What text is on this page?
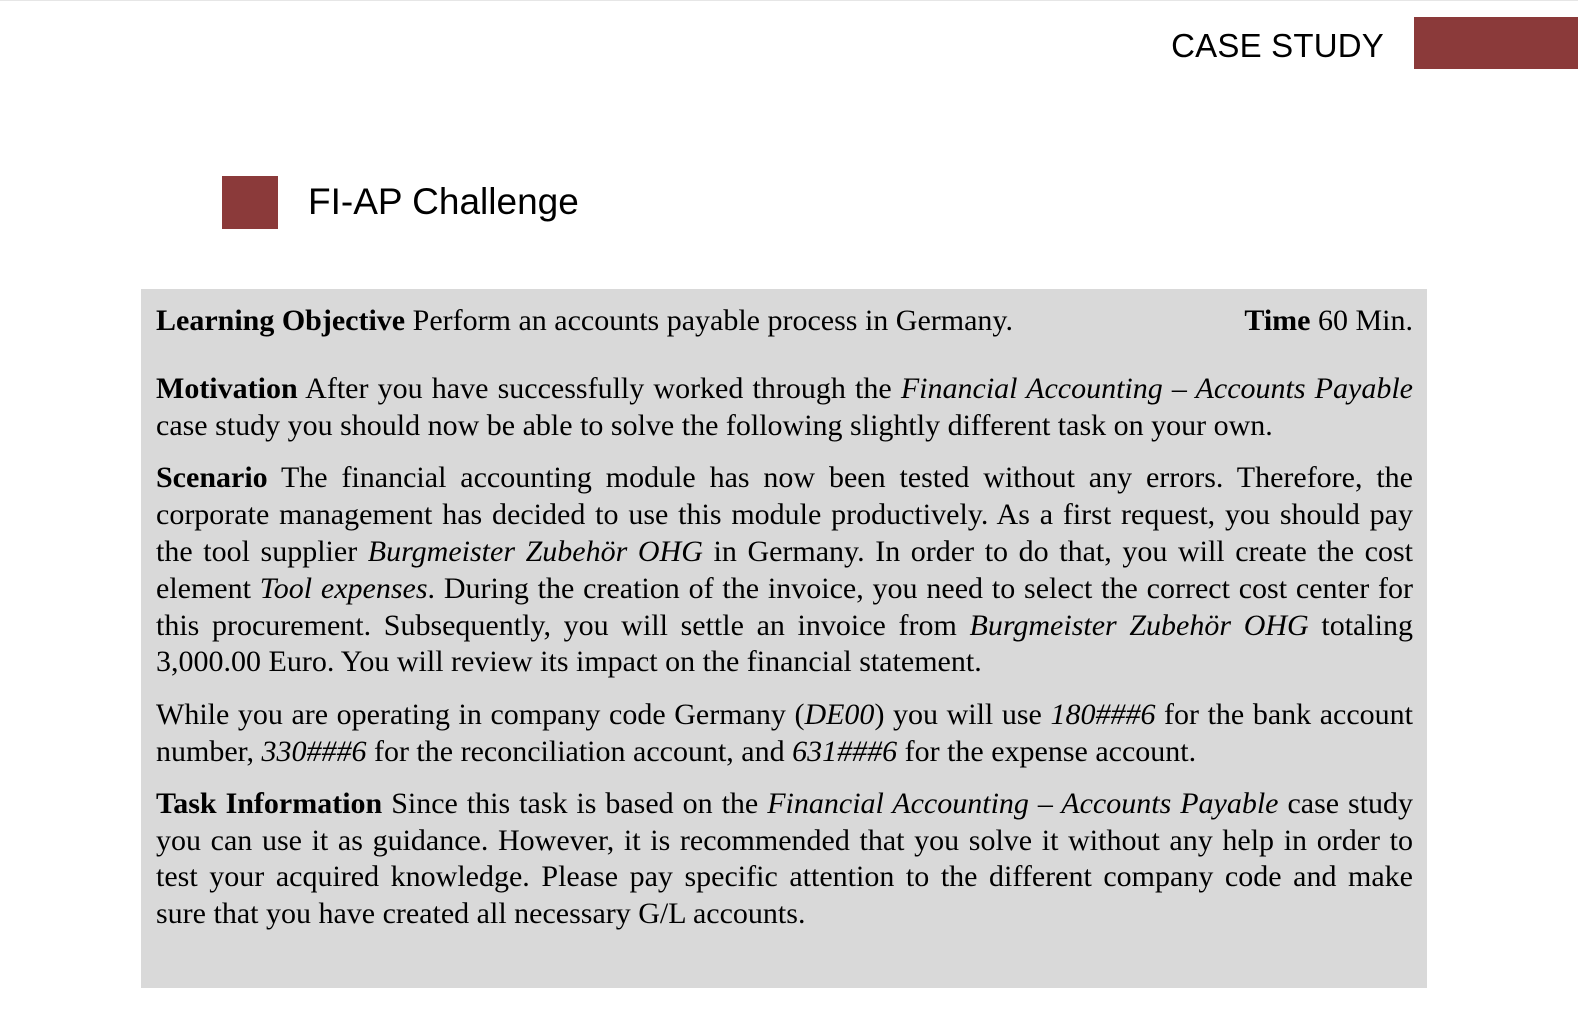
CASE STUDY
FI-AP Challenge
Learning Objective Perform an accounts payable process in Germany.	Time 60 Min.

Motivation After you have successfully worked through the Financial Accounting – Accounts Payable case study you should now be able to solve the following slightly different task on your own.

Scenario The financial accounting module has now been tested without any errors. Therefore, the corporate management has decided to use this module productively. As a first request, you should pay the tool supplier Burgmeister Zubehör OHG in Germany. In order to do that, you will create the cost element Tool expenses. During the creation of the invoice, you need to select the correct cost center for this procurement. Subsequently, you will settle an invoice from Burgmeister Zubehör OHG totaling 3,000.00 Euro. You will review its impact on the financial statement.

While you are operating in company code Germany (DE00) you will use 180###6 for the bank account number, 330###6 for the reconciliation account, and 631###6 for the expense account.

Task Information Since this task is based on the Financial Accounting – Accounts Payable case study you can use it as guidance. However, it is recommended that you solve it without any help in order to test your acquired knowledge. Please pay specific attention to the different company code and make sure that you have created all necessary G/L accounts.
